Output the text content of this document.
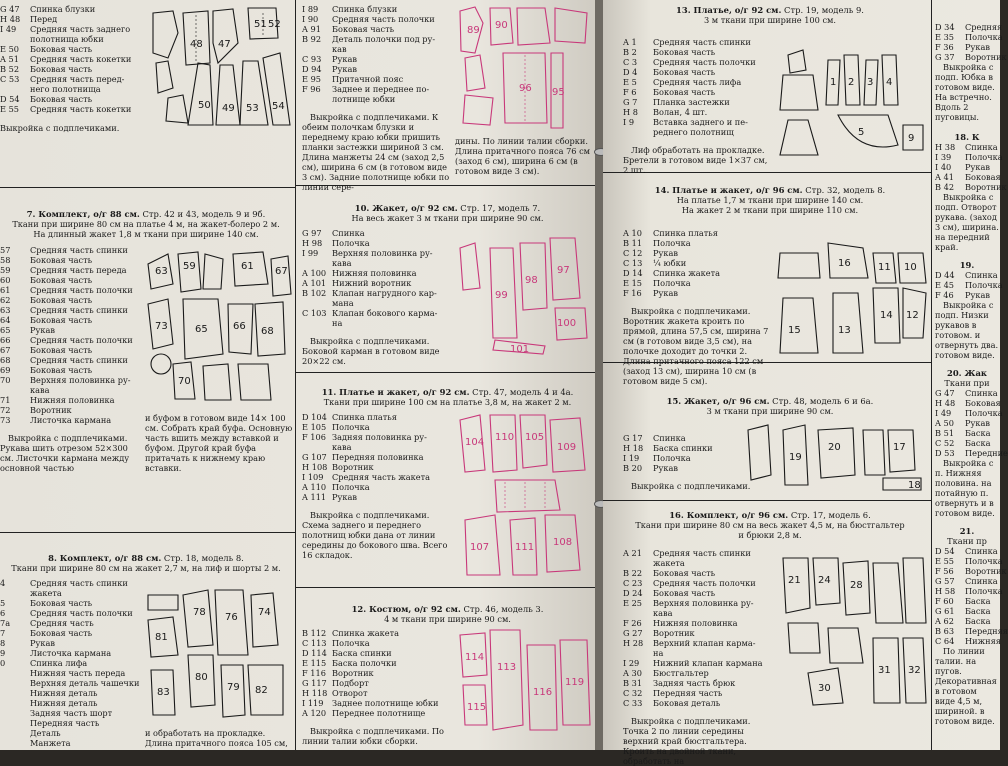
G 47	Спинка блузки
H 48	Перед
I 49	Средняя часть заднего
полотнища юбки
E 50	Боковая часть
A 51	Средняя часть кокетки
B 52	Боковая часть
C 53	Средняя часть перед-
него полотнища
D 54	Боковая часть
E 55	Средняя часть кокетки
48 47
51 52
50 49 53 54
Выкройка с подплечиками.
I 89	Спинка блузки
I 90	Средняя часть полочки
A 91	Боковая часть
B 92	Деталь полочки под ру-
кав
C 93	Рукав
D 94	Рукав
E 95	Притачной пояс
F 96	Заднее и переднее по-
лотнище юбки
Выкройка с подплечиками. К обеим полочкам блузки и переднему краю юбки пришить планки застежки шириной 3 см. Длина манжеты 24 см (заход 2,5 см), ширина 6 см (в готовом виде 3 см). Задние полотнище юбки по линии сере-
89 90
96 95
дины. По линии талии сборки. Длина притачного пояса 76 см (заход 6 см), ширина 6 см (в готовом виде 3 см).
7. Комплект, о/г 88 см. Стр. 42 и 43, модель 9 и 9б.
Ткани при ширине 80 см на платье 4 м, на жакет-болеро 2 м.
На длинный жакет 1,8 м ткани при ширине 140 см.
57	Средняя часть спинки
58	Боковая часть
59	Средняя часть переда
60	Боковая часть
61	Средняя часть полочки
62	Боковая часть
63	Средняя часть спинки
64	Боковая часть
65	Рукав
66	Средняя часть полочки
67	Боковая часть
68	Средняя часть спинки
69	Боковая часть
70	Верхняя половинка ру-
кава
71	Нижняя половинка
72	Воротник
73	Листочка кармана
Выкройка с подплечиками. Рукава шить отрезом 52×300 см. Листочки кармана между основной частью
63 59	61 67
65	66
73	68
70
и буфом в готовом виде 14× 100 см. Собрать край буфа. Основную часть вшить между вставкой и буфом. Другой край буфа притачать к нижнему краю вставки.
10. Жакет, о/г 92 см. Стр. 17, модель 7.
На весь жакет 3 м ткани при ширине 90 см.
G 97	Спинка
H 98	Полочка
I 99	Верхняя половинка ру-
кава
A 100 Нижняя половинка
A 101 Нижний воротник
B 102 Клапан нагрудного кар-
мана
C 103 Клапан бокового карма-
на
Выкройка с подплечиками. Боковой карман в готовом виде 20×22 см.
99
98
97
100
101
11. Платье и жакет, о/г 92 см. Стр. 47, модель 4 и 4а.
Ткани при ширине 100 см на платье 3,8 м, на жакет 2 м.
D 104 Спинка платья
E 105 Полочка
F 106 Задняя половинка ру-
кава
G 107 Передняя половинка
H 108 Воротник
I 109	Средняя часть жакета
A 110 Полочка
A 111 Рукав
Выкройка с подплечиками. Схема заднего и переднего полотнищ юбки дана от линии середины до бокового шва. Всего 16 складок.
110 105
104	109
107	111 108
8. Комплект, о/г 88 см. Стр. 18, модель 8.
Ткани при ширине 80 см на жакет 2,7 м, на лиф и шорты 2 м.
4	Средняя часть спинки
жакета
5	Боковая часть
6	Средняя часть полочки
7a	Средняя часть
7	Боковая часть
8	Рукав
9	Листочка кармана
0	Спинка лифа
Нижняя часть переда
Верхняя деталь чашечки
Нижняя деталь
Нижняя деталь
Задняя часть шорт
Передняя часть
Деталь
Манжета
78 76 74
80
79
81
82
83
и обработать на прокладке. Длина притачного пояса 105 см,
12. Костюм, о/г 92 см. Стр. 46, модель 3.
4 м ткани при ширине 90 см.
B 112 Спинка жакета
C 113 Полочка
D 114 Баска спинки
E 115 Баска полочки
F 116 Воротник
G 117 Подборт
H 118 Отворот
I 119	Заднее полотнище юбки
A 120 Переднее полотнище
Выкройка с подплечиками. По линии талии юбки сборки.
114
115
113
119
116
13. Платье, о/г 92 см. Стр. 19, модель 9.
3 м ткани при ширине 100 см.
A 1	Средняя часть спинки
B 2	Боковая часть
C 3	Средняя часть полочки
D 4	Боковая часть
E 5	Средняя часть лифа
F 6	Боковая часть
G 7	Планка застежки
H 8	Волан, 4 шт.
I 9	Вставка заднего и пе-
реднего полотнищ
Лиф обработать на прокладке. Бретели в готовом виде 1×37 см, 2 шт.
1 2 3 4
5
9
14. Платье и жакет, о/г 96 см. Стр. 32, модель 8.
На платье 1,7 м ткани при ширине 140 см.
На жакет 2 м ткани при ширине 110 см.
A 10	Спинка платья
B 11	Полочка
C 12	Рукав
C 13	¼ юбки
D 14	Спинка жакета
E 15	Полочка
F 16	Рукав
Выкройка с подплечиками. Воротник жакета кроить по прямой, длина 57,5 см, ширина 7 см (в готовом виде 3,5 см), на полочке доходит до точки 2. Длина притачного пояса 122 см (заход 13 см), ширина 10 см (в готовом виде 5 см).
16	11 10
14 12
13
15
15. Жакет, о/г 96 см. Стр. 48, модель 6 и 6а.
3 м ткани при ширине 90 см.
G 17	Спинка
H 18	Баска спинки
I 19	Полочка
B 20	Рукав
Выкройка с подплечиками.
19
20	17
18
16. Комплект, о/г 96 см. Стр. 17, модель 6.
Ткани при ширине 80 см на весь жакет 4,5 м, на бюстгальтер
и брюки 2,8 м.
A 21	Средняя часть спинки
жакета
B 22	Боковая часть
C 23	Средняя часть полочки
D 24	Боковая часть
E 25	Верхняя половинка ру-
кава
F 26	Нижняя половинка
G 27	Воротник
H 28	Верхний клапан карма-
на
I 29	Нижний клапан кармана
A 30	Бюстгальтер
B 31	Задняя часть брюк
C 32	Передняя часть
C 33	Боковая деталь
Выкройка с подплечиками. Точка 2 по линии середины верхний край бюстгальтера. Кроить на двойной ткани, обработать на
21 24 28
31
30
32
D 34	Средняя
E 35	Полочка
F 36	Рукав
G 37	Воротник
Выкройка с подп. Юбка в готовом виде. На встречно. Вдоль 2 пуговицы.
18. К
H 38	Спинка
I 39	Полочка
I 40	Рукав
A 41	Боковая
B 42	Воротник
Выкройка с подп. Отворот рукава. (заход 3 см), ширина. на передний край.
19.
D 44	Спинка
E 45	Полочка
F 46	Рукав
Выкройка с подп. Низки рукавов в готовом. и отвернуть два. готовом виде.
20. Жак
Ткани при
G 47	Спинка
H 48	Боковая
I 49	Полочка
A 50	Рукав
B 51	Баска
C 52	Баска
D 53	Передние
Выкройка с п. Нижняя половина. на потайную п. отвернуть и в готовом виде.
21.
Ткани пр
D 54	Спинка
E 55	Полочка
F 56	Воротник
G 57	Спинка
H 58	Полочка
F 60	Баска
G 61	Баска
A 62	Баска
B 63	Передняя
C 64	Нижняя
По линии талии. на пугов. Декоративная в готовом виде 4,5 м, шириной. в готовом виде.
